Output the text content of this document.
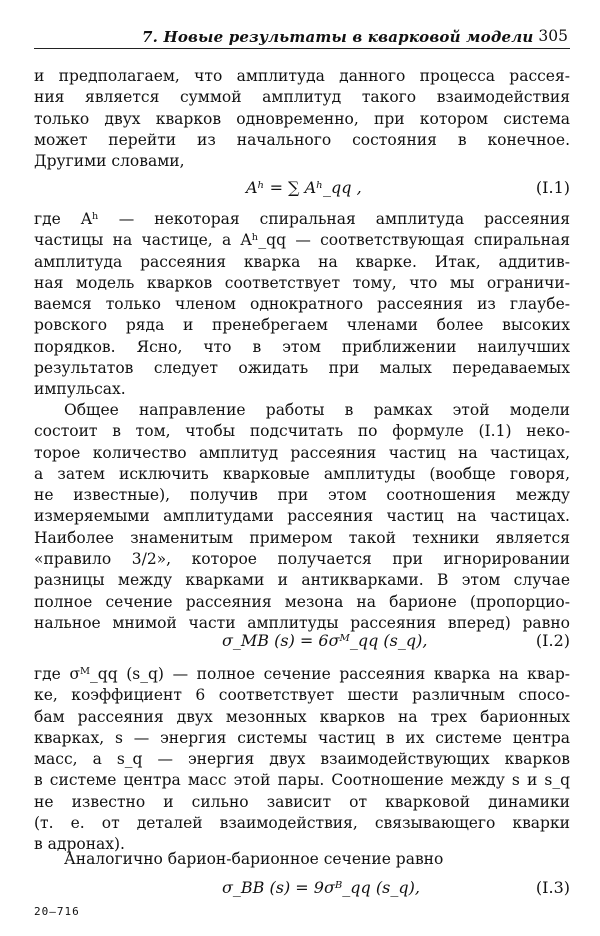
7. Новые результаты в кварковой модели 305
и предполагаем, что амплитуда данного процесса рассея-
ния является суммой амплитуд такого взаимодействия
только двух кварков одновременно, при котором система
может перейти из начального состояния в конечное.
Другими словами,
Aʰ = ∑ Aʰ_qq ,	(I.1)
где Aʰ — некоторая спиральная амплитуда рассеяния
частицы на частице, а Aʰ_qq — соответствующая спиральная
амплитуда рассеяния кварка на кварке. Итак, аддитив-
ная модель кварков соответствует тому, что мы ограничи-
ваемся только членом однократного рассеяния из глаубе-
ровского ряда и пренебрегаем членами более высоких
порядков. Ясно, что в этом приближении наилучших
результатов следует ожидать при малых передаваемых
импульсах.
Общее направление работы в рамках этой модели
состоит в том, чтобы подсчитать по формуле (I.1) неко-
торое количество амплитуд рассеяния частиц на частицах,
а затем исключить кварковые амплитуды (вообще говоря,
не известные), получив при этом соотношения между
измеряемыми амплитудами рассеяния частиц на частицах.
Наиболее знаменитым примером такой техники является
«правило 3/2», которое получается при игнорировании
разницы между кварками и антикварками. В этом случае
полное сечение рассеяния мезона на барионе (пропорцио-
нальное мнимой части амплитуды рассеяния вперед) равно
σ_MB (s) = 6σᴹ_qq (s_q),	(I.2)
где σᴹ_qq (s_q) — полное сечение рассеяния кварка на квар-
ке, коэффициент 6 соответствует шести различным спосо-
бам рассеяния двух мезонных кварков на трех барионных
кварках, s — энергия системы частиц в их системе центра
масс, а s_q — энергия двух взаимодействующих кварков
в системе центра масс этой пары. Соотношение между s и s_q
не известно и сильно зависит от кварковой динамики
(т. е. от деталей взаимодействия, связывающего кварки
в адронах).
Аналогично барион-барионное сечение равно
σ_BB (s) = 9σᴮ_qq (s_q),	(I.3)
20—716
